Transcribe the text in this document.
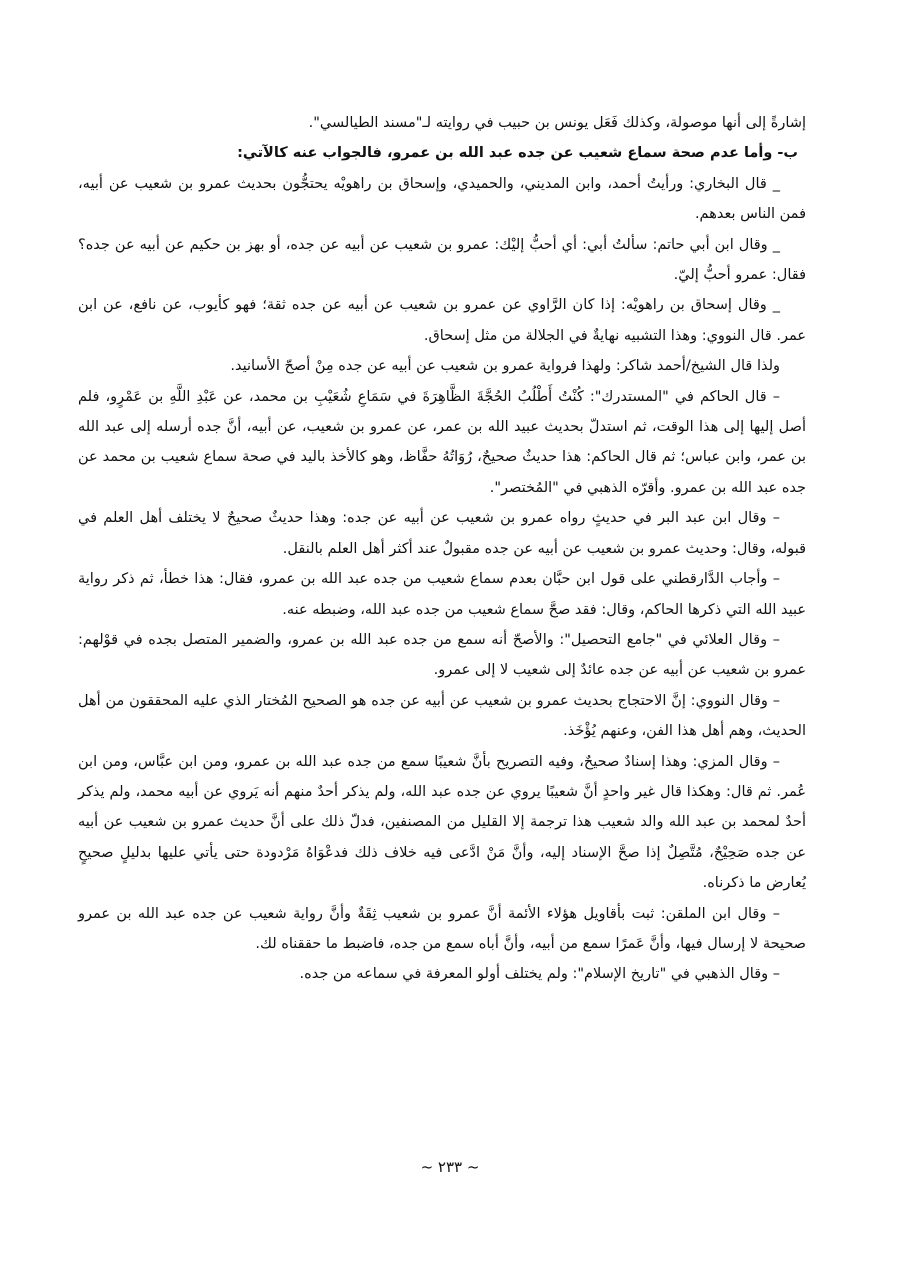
إشارةً إلى أنها موصولة، وكذلك فَعَل يونس بن حبيب في روايته لـ"مسند الطيالسي".

ب- وأما عدم صحة سماع شعيب عن جده عبد الله بن عمرو، فالجواب عنه كالآتي:

_ قال البخاري: ورأيتُ أحمد، وابن المديني، والحميدي، وإسحاق بن راهويْه يحتجُّون بحديث عمرو بن شعيب عن أبيه، فمن الناس بعدهم.

_ وقال ابن أبي حاتم: سألتُ أبي: أي أحبُّ إليْك: عمرو بن شعيب عن أبيه عن جده، أو بهز بن حكيم عن أبيه عن جده؟ فقال: عمرو أحبُّ إليّ.

_ وقال إسحاق بن راهويْه: إذا كان الرَّاوي عن عمرو بن شعيب عن أبيه عن جده ثقة؛ فهو كأيوب، عن نافع، عن ابن عمر. قال النووي: وهذا التشبيه نهايةٌ في الجلالة من مثل إسحاق.

ولذا قال الشيخ/أحمد شاكر: ولهذا فرواية عمرو بن شعيب عن أبيه عن جده مِنْ أصحّ الأسانيد.

– قال الحاكم في "المستدرك": كُنْتُ أَطْلُبُ الحُجَّةَ الظَّاهِرَةَ في سَمَاعِ شُعَيْبِ بن محمد، عن عَبْدِ اللَّهِ بن عَمْرٍو، فلم أصل إليها إلى هذا الوقت، ثم استدلّ بحديث عبيد الله بن عمر، عن عمرو بن شعيب، عن أبيه، أنَّ جده أرسله إلى عبد الله بن عمر، وابن عباس؛ ثم قال الحاكم: هذا حديثٌ صحيحٌ، رُوَاتُهُ حفَّاظ، وهو كالأخذ باليد في صحة سماع شعيب بن محمد عن جده عبد الله بن عمرو. وأقرّه الذهبي في "المُختصر".

– وقال ابن عبد البر في حديثٍ رواه عمرو بن شعيب عن أبيه عن جده: وهذا حديثٌ صحيحٌ لا يختلف أهل العلم في قبوله، وقال: وحديث عمرو بن شعيب عن أبيه عن جده مقبولٌ عند أكثر أهل العلم بالنقل.

– وأجاب الدَّارقطني على قول ابن حبَّان بعدم سماع شعيب من جده عبد الله بن عمرو، فقال: هذا خطأ، ثم ذكر رواية عبيد الله التي ذكرها الحاكم، وقال: فقد صحَّ سماع شعيب من جده عبد الله، وضبطه عنه.

– وقال العلائي في "جامع التحصيل": والأصحّ أنه سمع من جده عبد الله بن عمرو، والضمير المتصل بجده في قوْلهم: عمرو بن شعيب عن أبيه عن جده عائدٌ إلى شعيب لا إلى عمرو.

– وقال النووي: إنَّ الاحتجاج بحديث عمرو بن شعيب عن أبيه عن جده هو الصحيح المُختار الذي عليه المحققون من أهل الحديث، وهم أهل هذا الفن، وعنهم يُؤْخَذ.

– وقال المزي: وهذا إسنادٌ صحيحٌ، وفيه التصريح بأنَّ شعيبًا سمع من جده عبد الله بن عمرو، ومن ابن عبَّاس، ومن ابن عُمر. ثم قال: وهكذا قال غير واحدٍ أنَّ شعيبًا يروي عن جده عبد الله، ولم يذكر أحدٌ منهم أنه يَروي عن أبيه محمد، ولم يذكر أحدٌ لمحمد بن عبد الله والد شعيب هذا ترجمة إلا القليل من المصنفين، فدلّ ذلك على أنَّ حديث عمرو بن شعيب عن أبيه عن جده صَحِيْحٌ، مُتَّصِلٌ إذا صحَّ الإسناد إليه، وأنَّ مَنْ ادَّعى فيه خلاف ذلك فدعْوَاهُ مَرْدودة حتى يأتي عليها بدليلٍ صحيحٍ يُعارض ما ذكرناه.

– وقال ابن الملقن: ثبت بأقاويل هؤلاء الأئمة أنَّ عمرو بن شعيب ثِقَةٌ وأنَّ رواية شعيب عن جده عبد الله بن عمرو صحيحة لا إرسال فيها، وأنَّ عَمرًا سمع من أبيه، وأنَّ أباه سمع من جده، فاضبط ما حققناه لك.

– وقال الذهبي في "تاريخ الإسلام": ولم يختلف أولو المعرفة في سماعه من جده.

~ ٢٣٣ ~
